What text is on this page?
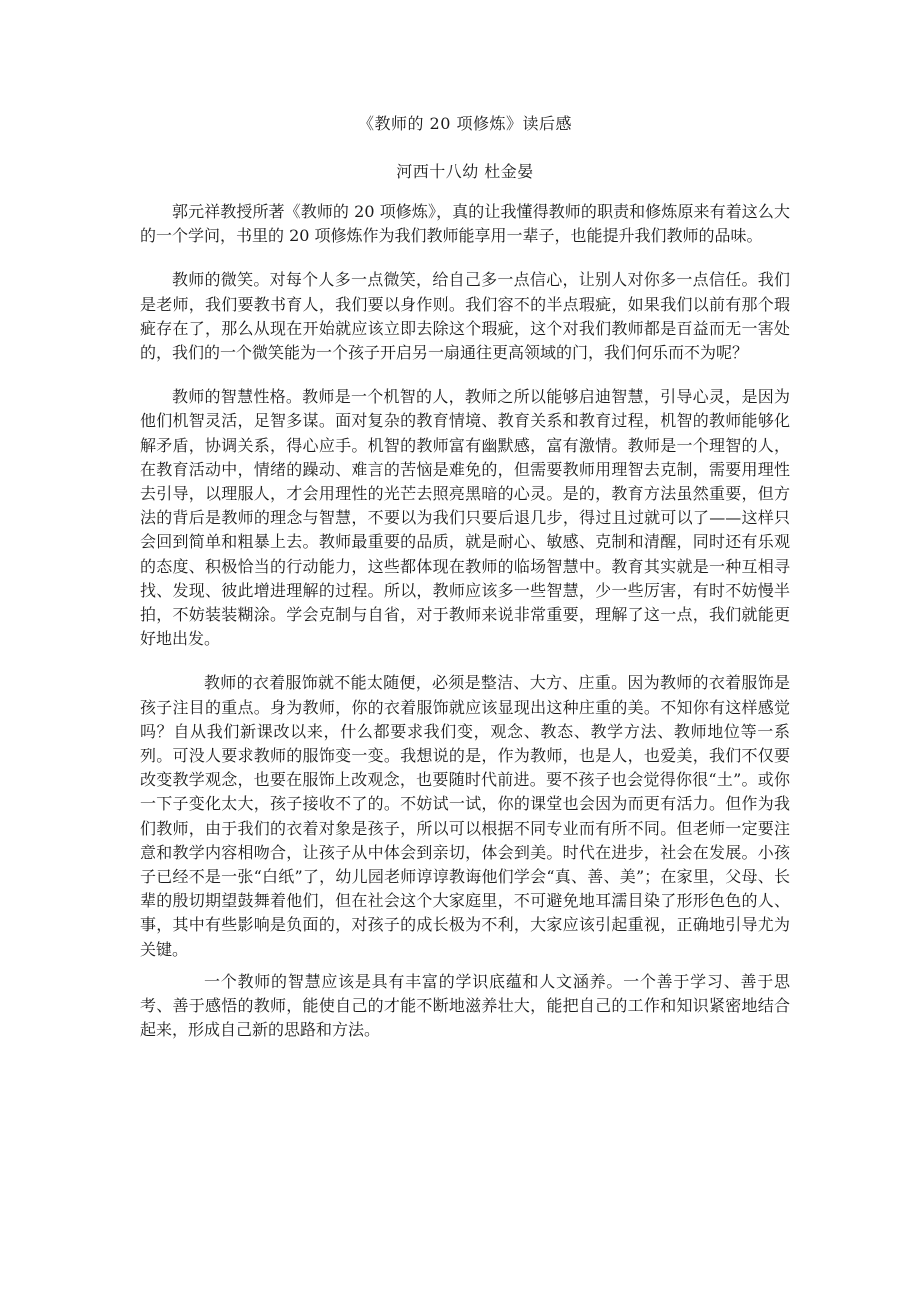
《教师的 20 项修炼》读后感
河西十八幼 杜金晏

郭元祥教授所著《教师的 20 项修炼》，真的让我懂得教师的职责和修炼原来有着这么大的一个学问，书里的 20 项修炼作为我们教师能享用一辈子，也能提升我们教师的品味。

教师的微笑。对每个人多一点微笑，给自己多一点信心，让别人对你多一点信任。我们是老师，我们要教书育人，我们要以身作则。我们容不的半点瑕疵，如果我们以前有那个瑕疵存在了，那么从现在开始就应该立即去除这个瑕疵，这个对我们教师都是百益而无一害处的，我们的一个微笑能为一个孩子开启另一扇通往更高领域的门，我们何乐而不为呢？

教师的智慧性格。教师是一个机智的人，教师之所以能够启迪智慧，引导心灵，是因为他们机智灵活，足智多谋。面对复杂的教育情境、教育关系和教育过程，机智的教师能够化解矛盾，协调关系，得心应手。机智的教师富有幽默感，富有激情。教师是一个理智的人，在教育活动中，情绪的躁动、难言的苦恼是难免的，但需要教师用理智去克制，需要用理性去引导，以理服人，才会用理性的光芒去照亮黑暗的心灵。是的，教育方法虽然重要，但方法的背后是教师的理念与智慧，不要以为我们只要后退几步，得过且过就可以了——这样只会回到简单和粗暴上去。教师最重要的品质，就是耐心、敏感、克制和清醒，同时还有乐观的态度、积极恰当的行动能力，这些都体现在教师的临场智慧中。教育其实就是一种互相寻找、发现、彼此增进理解的过程。所以，教师应该多一些智慧，少一些厉害，有时不妨慢半拍，不妨装装糊涂。学会克制与自省，对于教师来说非常重要，理解了这一点，我们就能更好地出发。

教师的衣着服饰就不能太随便，必须是整洁、大方、庄重。因为教师的衣着服饰是孩子注目的重点。身为教师，你的衣着服饰就应该显现出这种庄重的美。不知你有这样感觉吗？自从我们新课改以来，什么都要求我们变，观念、教态、教学方法、教师地位等一系列。可没人要求教师的服饰变一变。我想说的是，作为教师，也是人，也爱美，我们不仅要改变教学观念，也要在服饰上改观念，也要随时代前进。要不孩子也会觉得你很“土”。或你一下子变化太大，孩子接收不了的。不妨试一试，你的课堂也会因为而更有活力。但作为我们教师，由于我们的衣着对象是孩子，所以可以根据不同专业而有所不同。但老师一定要注意和教学内容相吻合，让孩子从中体会到亲切，体会到美。时代在进步，社会在发展。小孩子已经不是一张“白纸”了，幼儿园老师谆谆教诲他们学会“真、善、美”；在家里，父母、长辈的殷切期望鼓舞着他们，但在社会这个大家庭里，不可避免地耳濡目染了形形色色的人、事，其中有些影响是负面的，对孩子的成长极为不利，大家应该引起重视，正确地引导尤为关键。

一个教师的智慧应该是具有丰富的学识底蕴和人文涵养。一个善于学习、善于思考、善于感悟的教师，能使自己的才能不断地滋养壮大，能把自己的工作和知识紧密地结合起来，形成自己新的思路和方法。
